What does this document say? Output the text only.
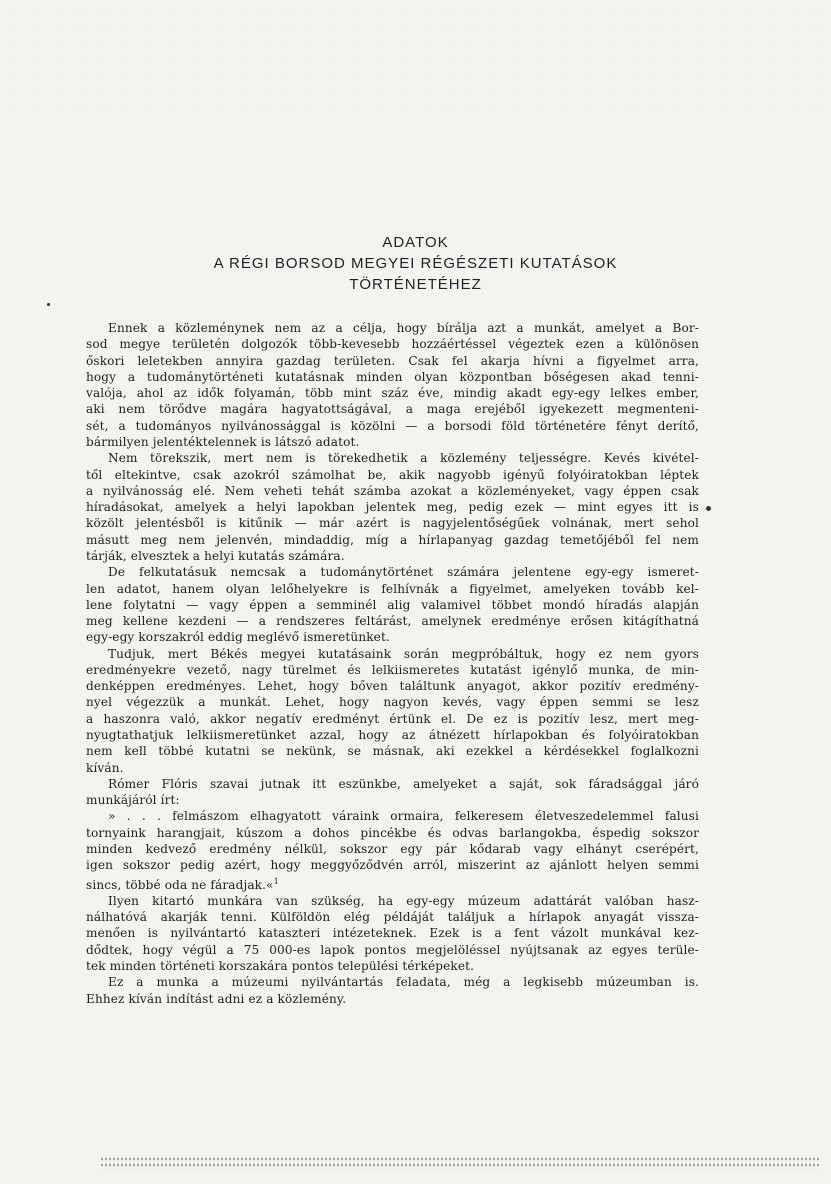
ADATOK
A RÉGI BORSOD MEGYEI RÉGÉSZETI KUTATÁSOK
TÖRTÉNETÉHEZ

Ennek a közleménynek nem az a célja, hogy bírálja azt a munkát, amelyet a Bor-
sod megye területén dolgozók több-kevesebb hozzáértéssel végeztek ezen a különösen
őskori leletekben annyira gazdag területen. Csak fel akarja hívni a figyelmet arra,
hogy a tudománytörténeti kutatásnak minden olyan központban bőségesen akad tenni-
valója, ahol az idők folyamán, több mint száz éve, mindig akadt egy-egy lelkes ember,
aki nem törődve magára hagyatottságával, a maga erejéből igyekezett megmenteni-
sét, a tudományos nyilvánossággal is közölni — a borsodi föld történetére fényt derítő,
bármilyen jelentéktelennek is látszó adatot.

Nem törekszik, mert nem is törekedhetik a közlemény teljességre. Kevés kivétel-
től eltekintve, csak azokról számolhat be, akik nagyobb igényű folyóiratokban léptek
a nyilvánosság elé. Nem veheti tehát számba azokat a közleményeket, vagy éppen csak
híradásokat, amelyek a helyi lapokban jelentek meg, pedig ezek — mint egyes itt is
közölt jelentésből is kitűnik — már azért is nagyjelentőségűek volnának, mert sehol
másutt meg nem jelenvén, mindaddig, míg a hírlapanyag gazdag temetőjéből fel nem
tárják, elvesztek a helyi kutatás számára.

De felkutatásuk nemcsak a tudománytörténet számára jelentene egy-egy ismeret-
len adatot, hanem olyan lelőhelyekre is felhívnák a figyelmet, amelyeken tovább kel-
lene folytatni — vagy éppen a semminél alig valamivel többet mondó híradás alapján
meg kellene kezdeni — a rendszeres feltárást, amelynek eredménye erősen kitágíthatná
egy-egy korszakról eddig meglévő ismeretünket.

Tudjuk, mert Békés megyei kutatásaink során megpróbáltuk, hogy ez nem gyors
eredményekre vezető, nagy türelmet és lelkiismeretes kutatást igénylő munka, de min-
denképpen eredményes. Lehet, hogy bőven találtunk anyagot, akkor pozitív eredmény-
nyel végezzük a munkát. Lehet, hogy nagyon kevés, vagy éppen semmi se lesz
a haszonra való, akkor negatív eredményt értünk el. De ez is pozitív lesz, mert meg-
nyugtathatjuk lelkiismeretünket azzal, hogy az átnézett hírlapokban és folyóiratokban
nem kell többé kutatni se nekünk, se másnak, aki ezekkel a kérdésekkel foglalkozni
kíván.

Rómer Flóris szavai jutnak itt eszünkbe, amelyeket a saját, sok fáradsággal járó
munkájáról írt:

» . . . felmászom elhagyatott váraink ormaira, felkeresem életveszedelemmel falusi
tornyaink harangjait, kúszom a dohos pincékbe és odvas barlangokba, éspedig sokszor
minden kedvező eredmény nélkül, sokszor egy pár kődarab vagy elhányt cserépért,
igen sokszor pedig azért, hogy meggyőződvén arról, miszerint az ajánlott helyen semmi
sincs, többé oda ne fáradjak.«$^1$

Ilyen kitartó munkára van szükség, ha egy-egy múzeum adattárát valóban hasz-
nálhatóvá akarják tenni. Külföldön elég példáját találjuk a hírlapok anyagát vissza-
menően is nyilvántartó kataszteri intézeteknek. Ezek is a fent vázolt munkával kez-
dődtek, hogy végül a 75 000-es lapok pontos megjelöléssel nyújtsanak az egyes terüle-
tek minden történeti korszakára pontos települési térképeket.

Ez a munka a múzeumi nyilvántartás feladata, még a legkisebb múzeumban is.
Ehhez kíván indítást adni ez a közlemény.
